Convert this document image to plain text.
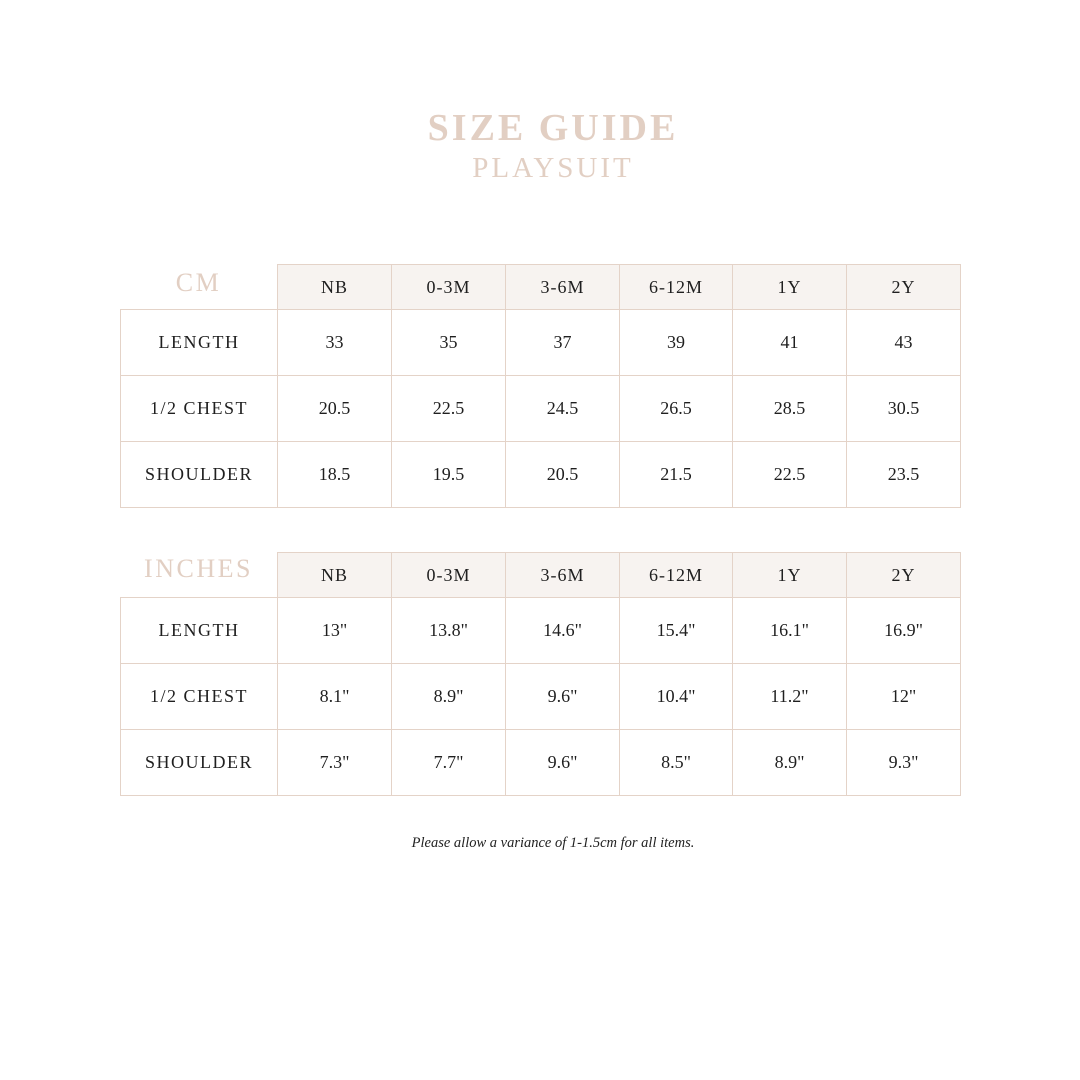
SIZE GUIDE
PLAYSUIT
CM
		NB	0-3M	3-6M	6-12M	1Y	2Y
LENGTH	33	35	37	39	41	43
1/2 CHEST	20.5	22.5	24.5	26.5	28.5	30.5
SHOULDER	18.5	19.5	20.5	21.5	22.5	23.5
INCHES
		NB	0-3M	3-6M	6-12M	1Y	2Y
LENGTH	13"	13.8"	14.6"	15.4"	16.1"	16.9"
1/2 CHEST	8.1"	8.9"	9.6"	10.4"	11.2"	12"
SHOULDER	7.3"	7.7"	9.6"	8.5"	8.9"	9.3"
Please allow a variance of 1-1.5cm for all items.
